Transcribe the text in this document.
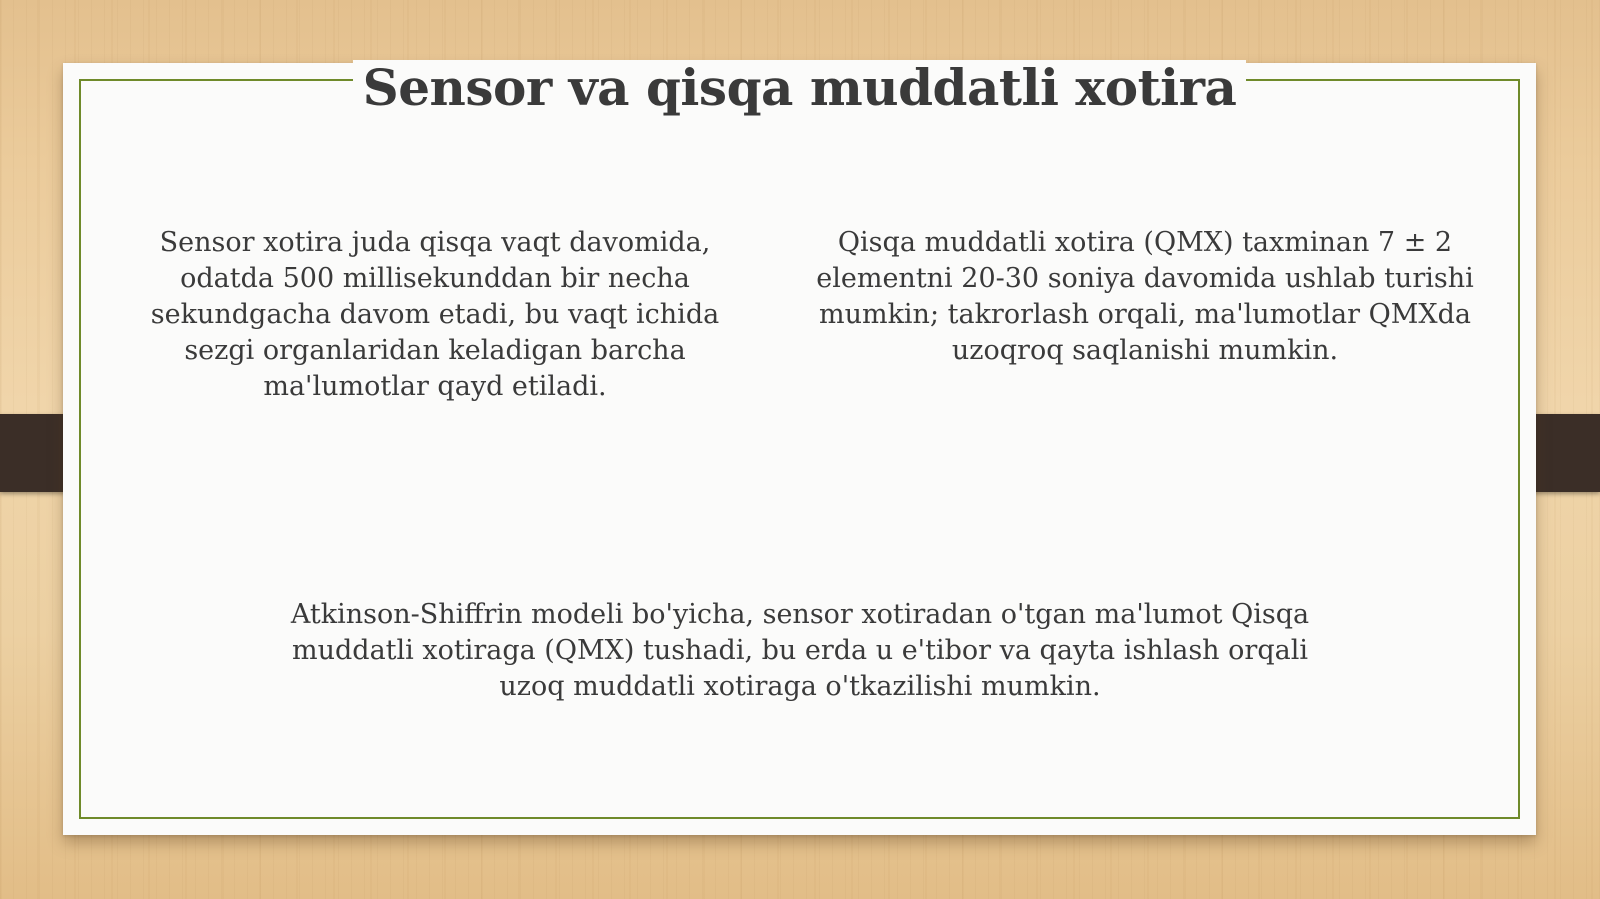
Sensor va qisqa muddatli xotira

Sensor xotira juda qisqa vaqt davomida, odatda 500 millisekunddan bir necha sekundgacha davom etadi, bu vaqt ichida sezgi organlaridan keladigan barcha ma'lumotlar qayd etiladi.

Qisqa muddatli xotira (QMX) taxminan 7 ± 2 elementni 20-30 soniya davomida ushlab turishi mumkin; takrorlash orqali, ma'lumotlar QMXda uzoqroq saqlanishi mumkin.

Atkinson-Shiffrin modeli bo'yicha, sensor xotiradan o'tgan ma'lumot Qisqa muddatli xotiraga (QMX) tushadi, bu erda u e'tibor va qayta ishlash orqali uzoq muddatli xotiraga o'tkazilishi mumkin.
